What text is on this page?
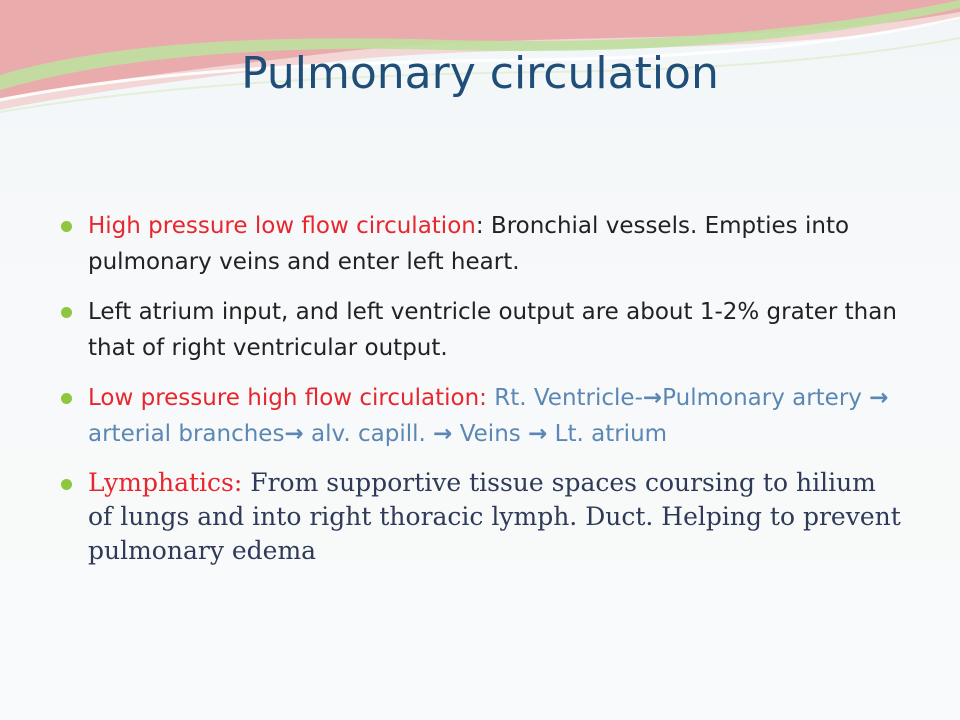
Pulmonary circulation
High pressure low flow circulation: Bronchial vessels. Empties into pulmonary veins and enter left heart.
Left atrium input, and left ventricle output are about 1-2% grater than that of right ventricular output.
Low pressure high flow circulation: Rt. Ventricle-→Pulmonary artery → arterial branches→ alv. capill. → Veins → Lt. atrium
Lymphatics: From supportive tissue spaces coursing to hilium of lungs and into right thoracic lymph. Duct. Helping to prevent pulmonary edema
